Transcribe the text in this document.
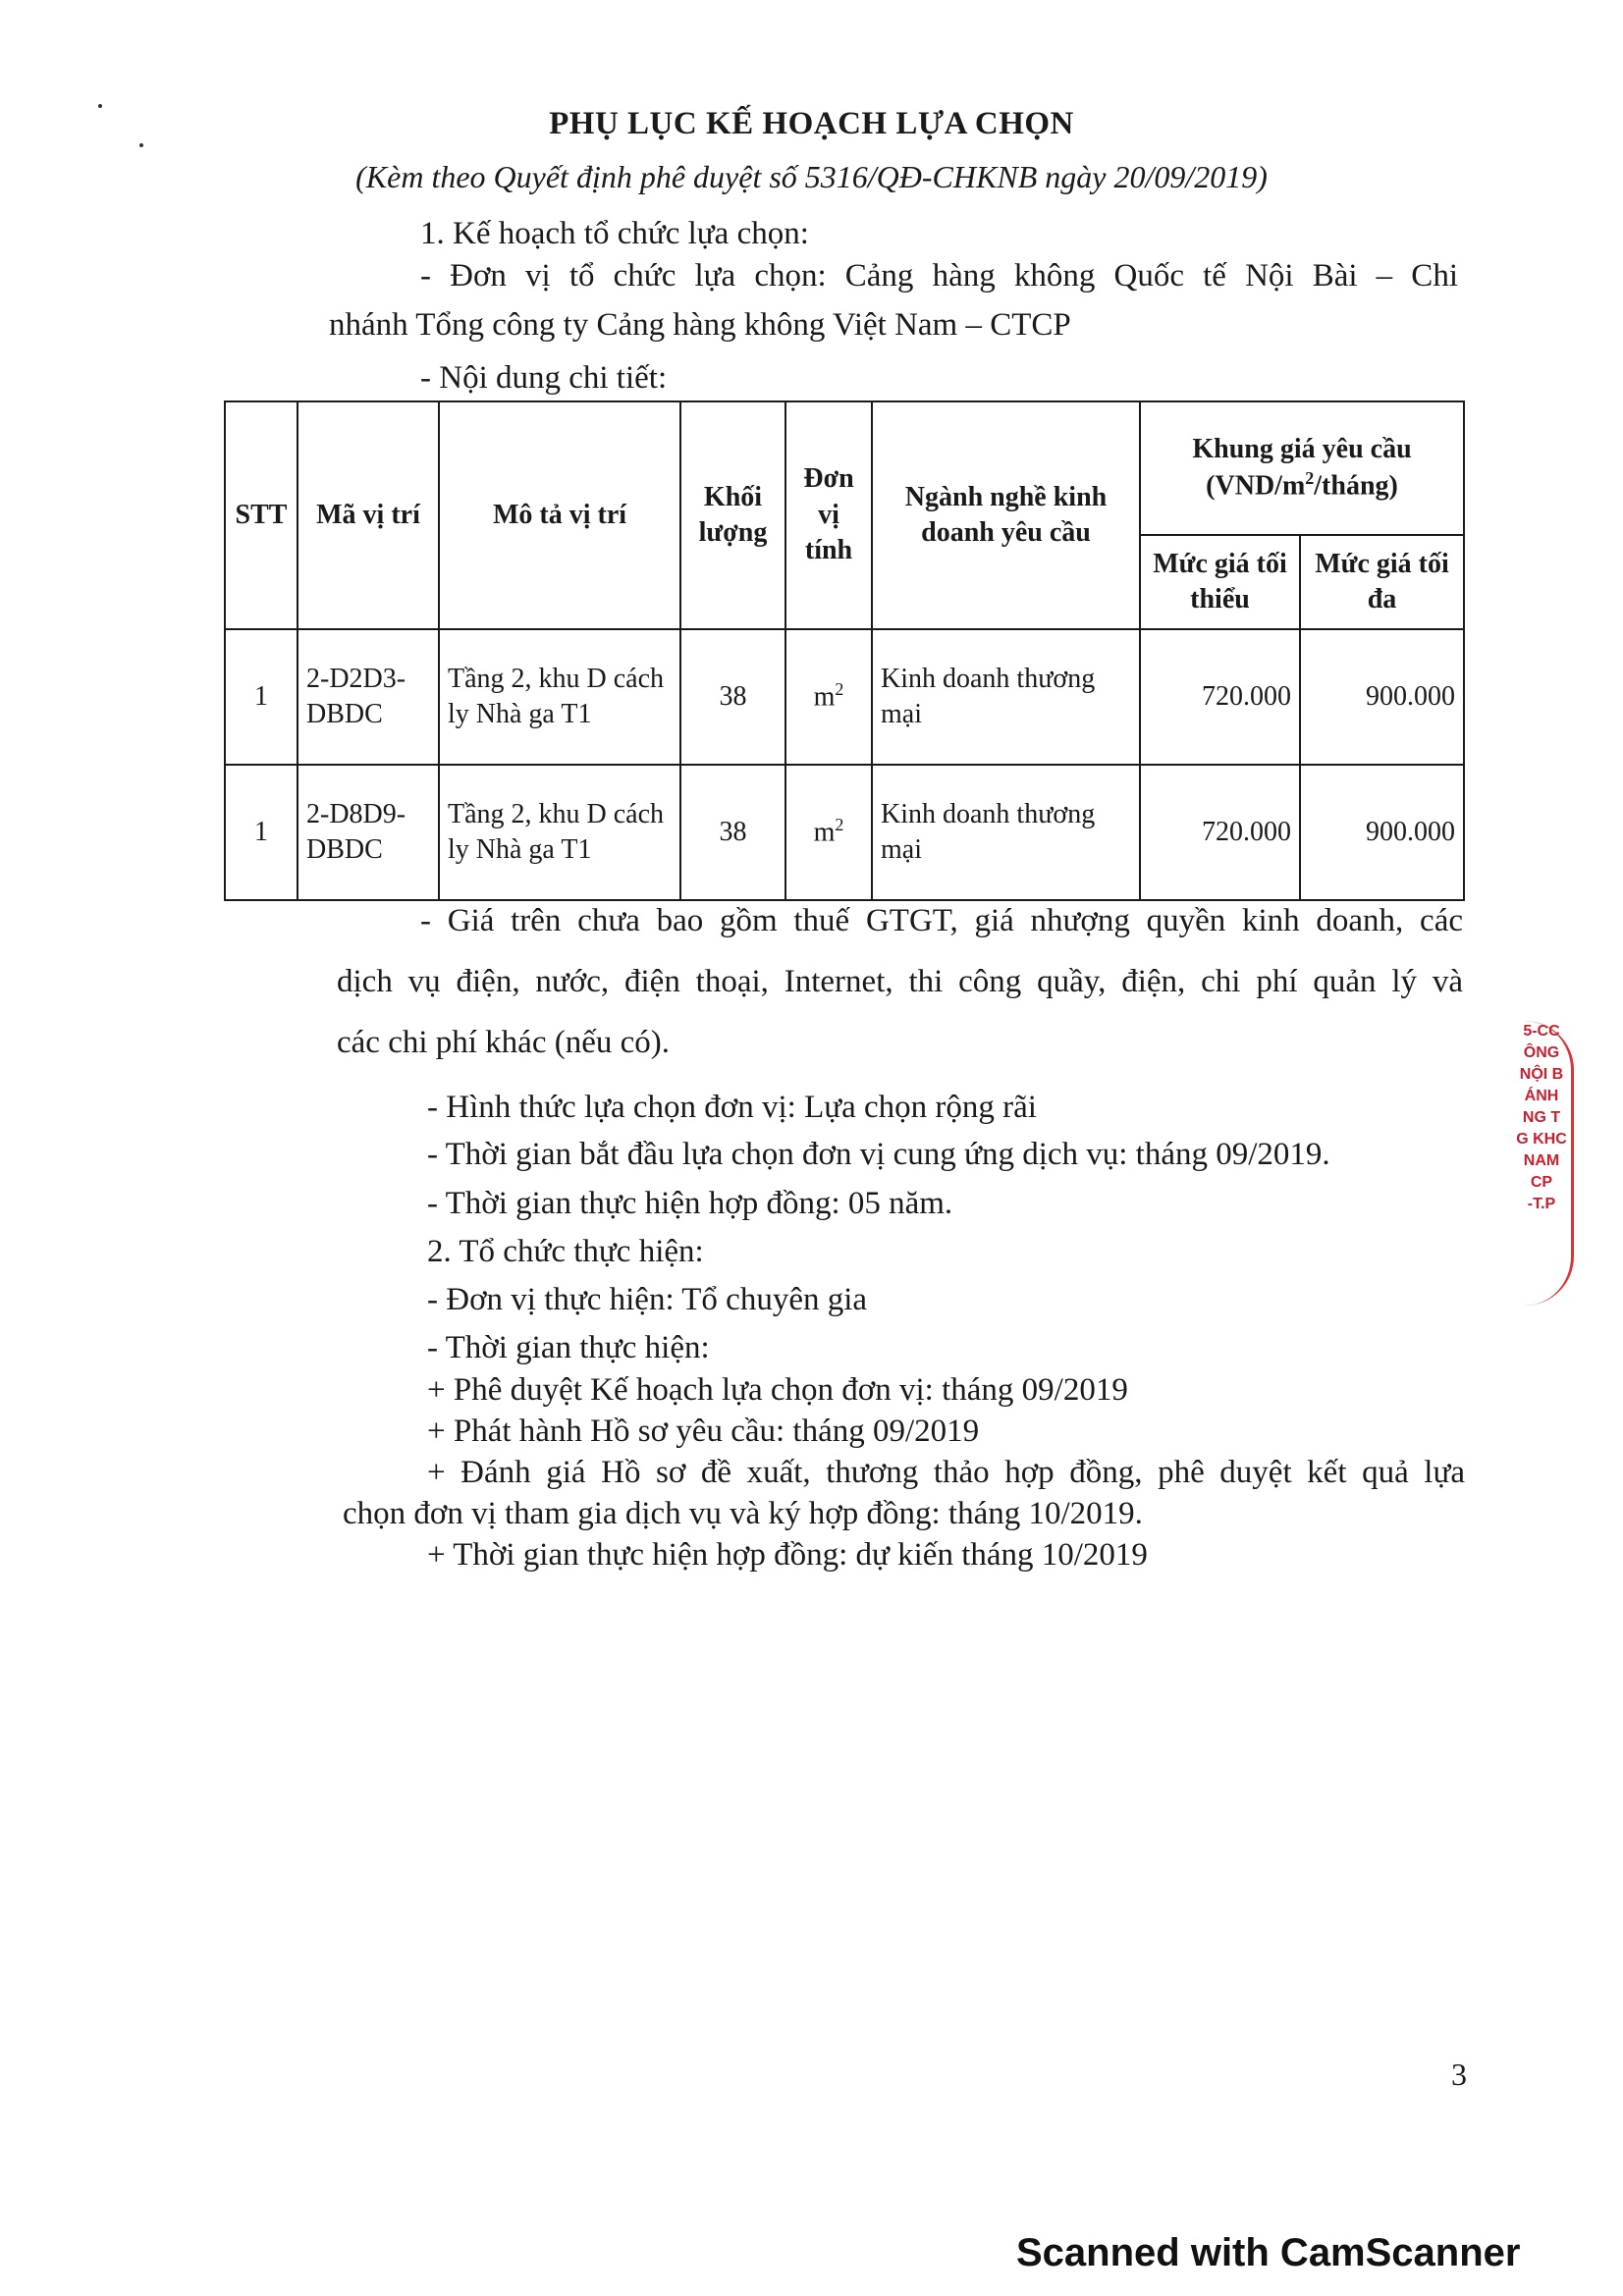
PHỤ LỤC KẾ HOẠCH LỰA CHỌN
(Kèm theo Quyết định phê duyệt số 5316/QĐ-CHKNB ngày 20/09/2019)
1. Kế hoạch tổ chức lựa chọn:
- Đơn vị tổ chức lựa chọn: Cảng hàng không Quốc tế Nội Bài – Chi
nhánh Tổng công ty Cảng hàng không Việt Nam – CTCP
- Nội dung chi tiết:
STT	Mã vị trí	Mô tả vị trí	Khối lượng	Đơn vị tính	Ngành nghề kinh doanh yêu cầu	Khung giá yêu cầu $(VND/m^2/tháng)$	
						Mức giá tối thiểu	Mức giá tối đa
1	2-D2D3-DBDC	Tầng 2, khu D cách ly Nhà ga T1	38	$m^2$	Kinh doanh thương mại	720.000	900.000
1	2-D8D9-DBDC	Tầng 2, khu D cách ly Nhà ga T1	38	$m^2$	Kinh doanh thương mại	720.000	900.000
- Giá trên chưa bao gồm thuế GTGT, giá nhượng quyền kinh doanh, các
dịch vụ điện, nước, điện thoại, Internet, thi công quầy, điện, chi phí quản lý và
các chi phí khác (nếu có).
- Hình thức lựa chọn đơn vị: Lựa chọn rộng rãi
- Thời gian bắt đầu lựa chọn đơn vị cung ứng dịch vụ: tháng 09/2019.
- Thời gian thực hiện hợp đồng: 05 năm.
2. Tổ chức thực hiện:
- Đơn vị thực hiện: Tổ chuyên gia
- Thời gian thực hiện:
+ Phê duyệt Kế hoạch lựa chọn đơn vị: tháng 09/2019
+ Phát hành Hồ sơ yêu cầu: tháng 09/2019
+ Đánh giá Hồ sơ đề xuất, thương thảo hợp đồng, phê duyệt kết quả lựa
chọn đơn vị tham gia dịch vụ và ký hợp đồng: tháng 10/2019.
+ Thời gian thực hiện hợp đồng: dự kiến tháng 10/2019
5-CC
ÔNG
NỘI B
ÁNH
NG T
G KHC
NAM
CP
-T.P
3
Scanned with CamScanner
